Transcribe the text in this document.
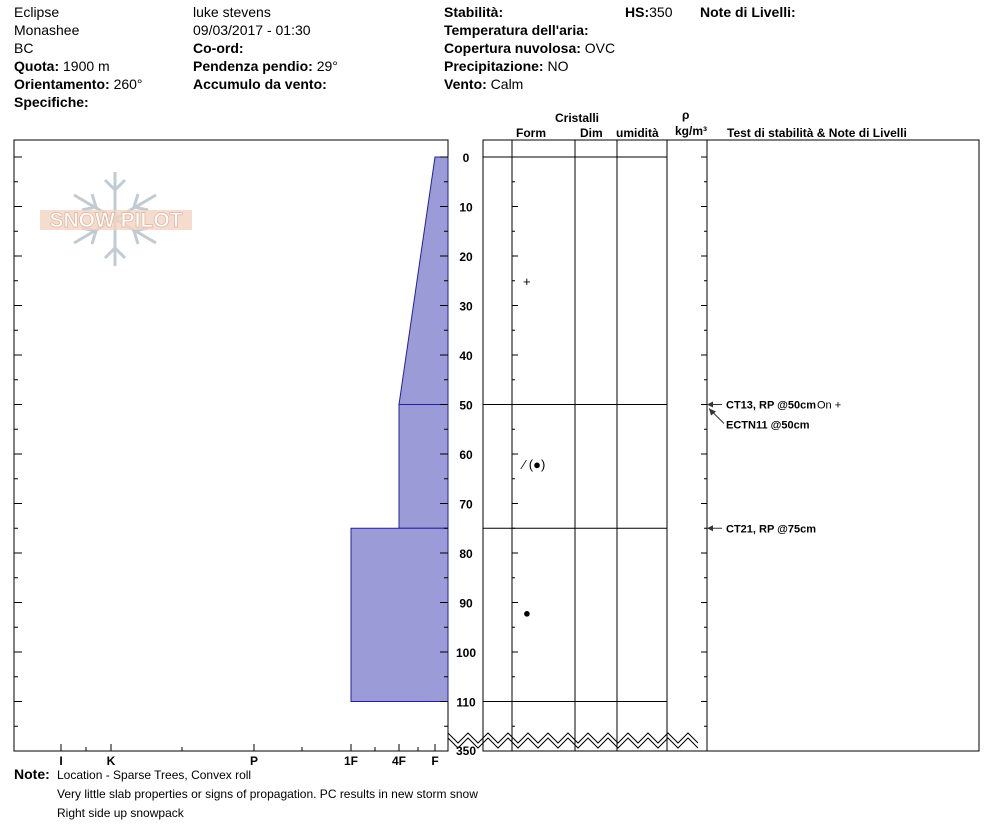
Eclipse
Monashee
BC
Quota: 1900 m
Orientamento: 260°
Specifiche:
luke stevens
09/03/2017 - 01:30
Co-ord:
Pendenza pendio: 29°
Accumulo da vento:
Stabilità:
Temperatura dell'aria:
Copertura nuvolosa: OVC
Precipitazione: NO
Vento: Calm
HS:350 Note di Livelli:
Cristalli
Form	Dim umidità
ρ
kg/m³ Test di stabilità & Note di Livelli
SNOW PILOT
0
10
20
30
40
50
60
70
80
90
100
110
350
I	K	P	1F	4F F
+
⁄ (●)
●
CT13, RP @50cm On +
ECTN11 @50cm
CT21, RP @75cm
Note: Location - Sparse Trees, Convex roll
Very little slab properties or signs of propagation. PC results in new storm snow
Right side up snowpack
